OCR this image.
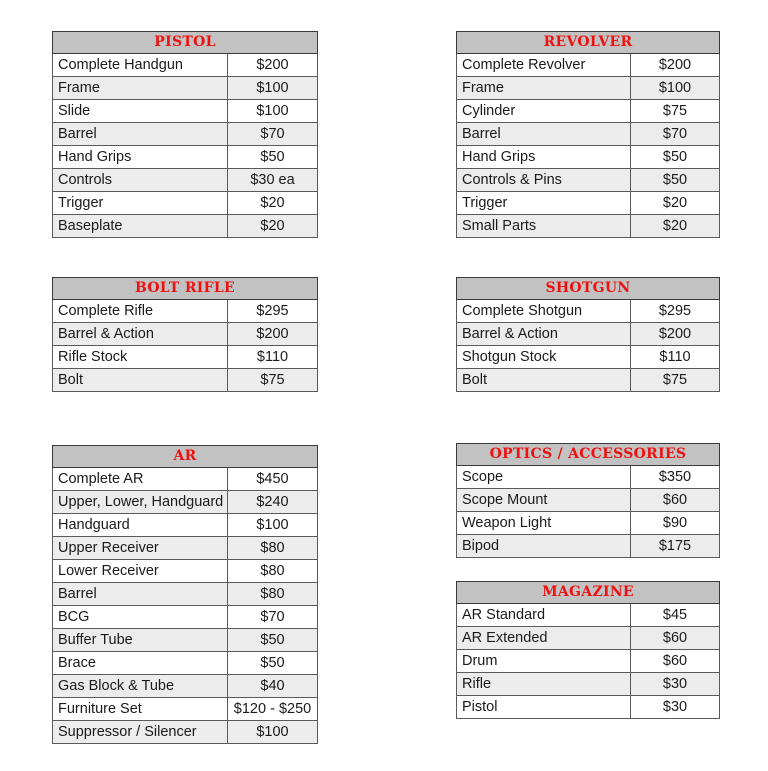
PISTOL	
Complete Handgun	$200
Frame	$100
Slide	$100
Barrel	$70
Hand Grips	$50
Controls	$30 ea
Trigger	$20
Baseplate	$20
BOLT RIFLE	
Complete Rifle	$295
Barrel & Action	$200
Rifle Stock	$110
Bolt	$75
AR	
Complete AR	$450
Upper, Lower, Handguard	$240
Handguard	$100
Upper Receiver	$80
Lower Receiver	$80
Barrel	$80
BCG	$70
Buffer Tube	$50
Brace	$50
Gas Block & Tube	$40
Furniture Set	$120 - $250
Suppressor / Silencer	$100
REVOLVER	
Complete Revolver	$200
Frame	$100
Cylinder	$75
Barrel	$70
Hand Grips	$50
Controls & Pins	$50
Trigger	$20
Small Parts	$20
SHOTGUN	
Complete Shotgun	$295
Barrel & Action	$200
Shotgun Stock	$110
Bolt	$75
OPTICS / ACCESSORIES	
Scope	$350
Scope Mount	$60
Weapon Light	$90
Bipod	$175
MAGAZINE	
AR Standard	$45
AR Extended	$60
Drum	$60
Rifle	$30
Pistol	$30
